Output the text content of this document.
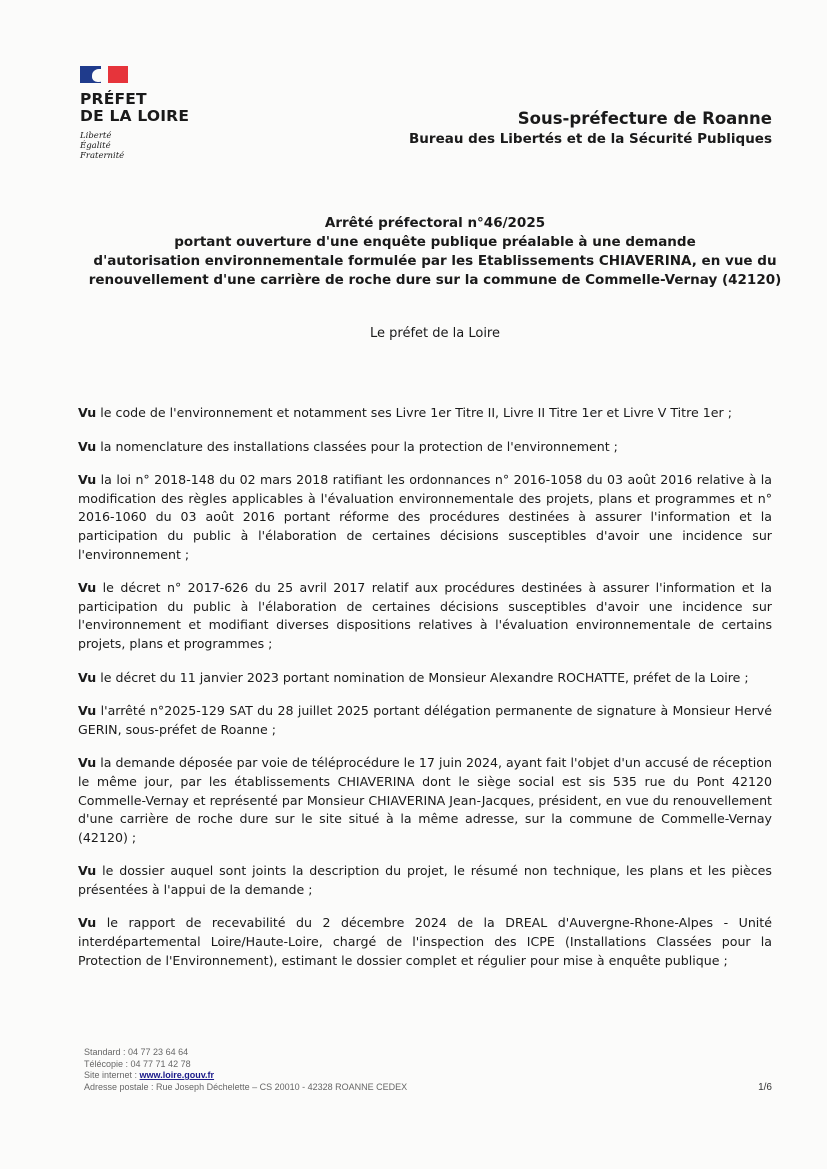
PRÉFET
DE LA LOIRE
Liberté
Égalité
Fraternité
Sous-préfecture de Roanne
Bureau des Libertés et de la Sécurité Publiques
Arrêté préfectoral n°46/2025
portant ouverture d'une enquête publique préalable à une demande
d'autorisation environnementale formulée par les Etablissements CHIAVERINA, en vue du
renouvellement d'une carrière de roche dure sur la commune de Commelle-Vernay (42120)
Le préfet de la Loire

Vu le code de l'environnement et notamment ses Livre 1er Titre II, Livre II Titre 1er et Livre V Titre 1er ;

Vu la nomenclature des installations classées pour la protection de l'environnement ;

Vu la loi n° 2018-148 du 02 mars 2018 ratifiant les ordonnances n° 2016-1058 du 03 août 2016 relative à la modification des règles applicables à l'évaluation environnementale des projets, plans et programmes et n° 2016-1060 du 03 août 2016 portant réforme des procédures destinées à assurer l'information et la participation du public à l'élaboration de certaines décisions susceptibles d'avoir une incidence sur l'environnement ;

Vu le décret n° 2017-626 du 25 avril 2017 relatif aux procédures destinées à assurer l'information et la participation du public à l'élaboration de certaines décisions susceptibles d'avoir une incidence sur l'environnement et modifiant diverses dispositions relatives à l'évaluation environnementale de certains projets, plans et programmes ;

Vu le décret du 11 janvier 2023 portant nomination de Monsieur Alexandre ROCHATTE, préfet de la Loire ;

Vu l'arrêté n°2025-129 SAT du 28 juillet 2025 portant délégation permanente de signature à Monsieur Hervé GERIN, sous-préfet de Roanne ;

Vu la demande déposée par voie de téléprocédure le 17 juin 2024, ayant fait l'objet d'un accusé de réception le même jour, par les établissements CHIAVERINA dont le siège social est sis 535 rue du Pont 42120 Commelle-Vernay et représenté par Monsieur CHIAVERINA Jean-Jacques, président, en vue du renouvellement d'une carrière de roche dure sur le site situé à la même adresse, sur la commune de Commelle-Vernay (42120) ;

Vu le dossier auquel sont joints la description du projet, le résumé non technique, les plans et les pièces présentées à l'appui de la demande ;

Vu le rapport de recevabilité du 2 décembre 2024 de la DREAL d'Auvergne-Rhone-Alpes - Unité interdépartemental Loire/Haute-Loire, chargé de l'inspection des ICPE (Installations Classées pour la Protection de l'Environnement), estimant le dossier complet et régulier pour mise à enquête publique ;

Standard : 04 77 23 64 64
Télécopie : 04 77 71 42 78
Site internet : www.loire.gouv.fr
Adresse postale : Rue Joseph Déchelette – CS 20010 - 42328 ROANNE CEDEX	1/6
